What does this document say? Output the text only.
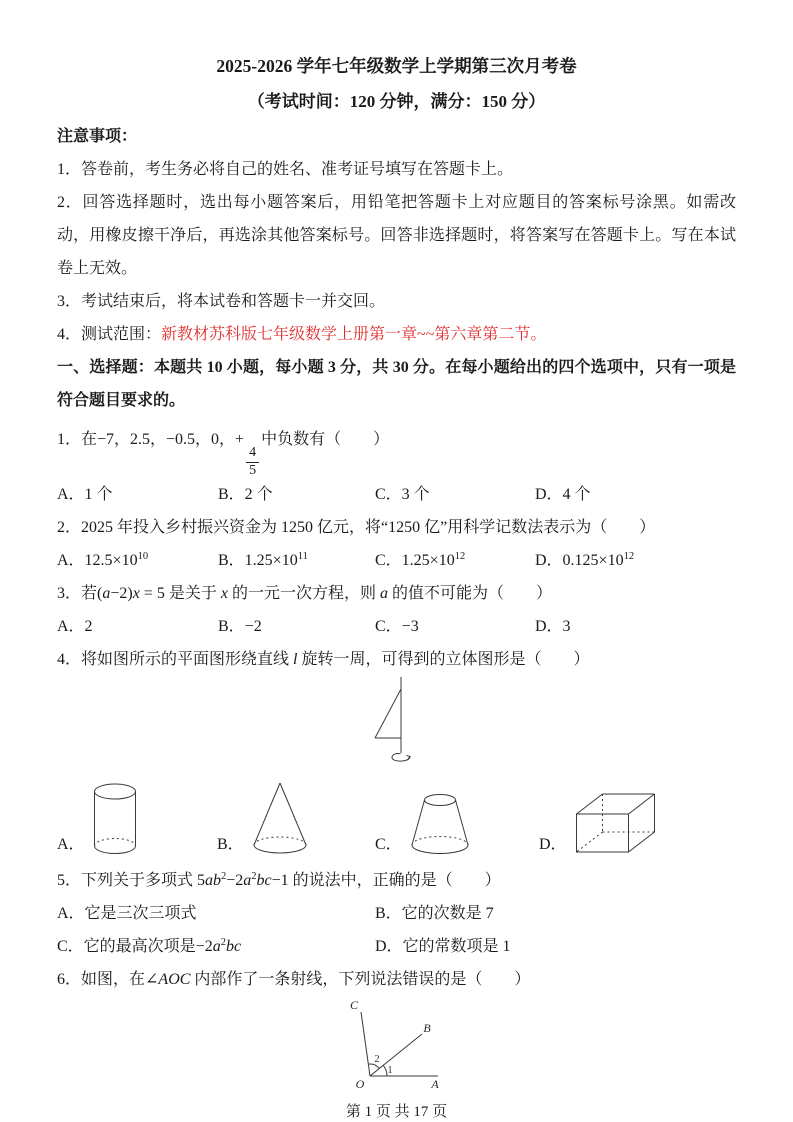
2025-2026 学年七年级数学上学期第三次月考卷

（考试时间：120 分钟，满分：150 分）

注意事项：

1．答卷前，考生务必将自己的姓名、准考证号填写在答题卡上。

2．回答选择题时，选出每小题答案后，用铅笔把答题卡上对应题目的答案标号涂黑。如需改动，用橡皮擦干净后，再选涂其他答案标号。回答非选择题时，将答案写在答题卡上。写在本试卷上无效。

3．考试结束后，将本试卷和答题卡一并交回。

4．测试范围：新教材苏科版七年级数学上册第一章~~第六章第二节。

一、选择题：本题共 10 小题，每小题 3 分，共 30 分。在每小题给出的四个选项中，只有一项是符合题目要求的。

1．在−7，2.5，−0.5，0，+
$\frac{4}{5}$
中负数有（　　）

A．1 个	B．2 个	C．3 个	D．4 个

2．2025 年投入乡村振兴资金为 1250 亿元，将“1250 亿”用科学记数法表示为（　　）

A．$12.5\times 10^{10}$	B．$1.25\times 10^{11}$	C．$1.25\times 10^{12}$	D．$0.125\times 10^{12}$

3．若(a−2)x = 5 是关于 x 的一元一次方程，则 a 的值不可能为（　　）

A．2	B．−2	C．−3	D．3

4．将如图所示的平面图形绕直线 l 旋转一周，可得到的立体图形是（　　）

A．	B．	C．	D．

5．下列关于多项式 $5ab^2-2a^2bc-1$ 的说法中，正确的是（　　）

A．它是三次三项式	B．它的次数是 7
C．它的最高次项是$-2a^2bc$	D．它的常数项是 1

6．如图，在∠AOC 内部作了一条射线，下列说法错误的是（　　）

O	A
B
C
1
2

第 1 页 共 17 页
